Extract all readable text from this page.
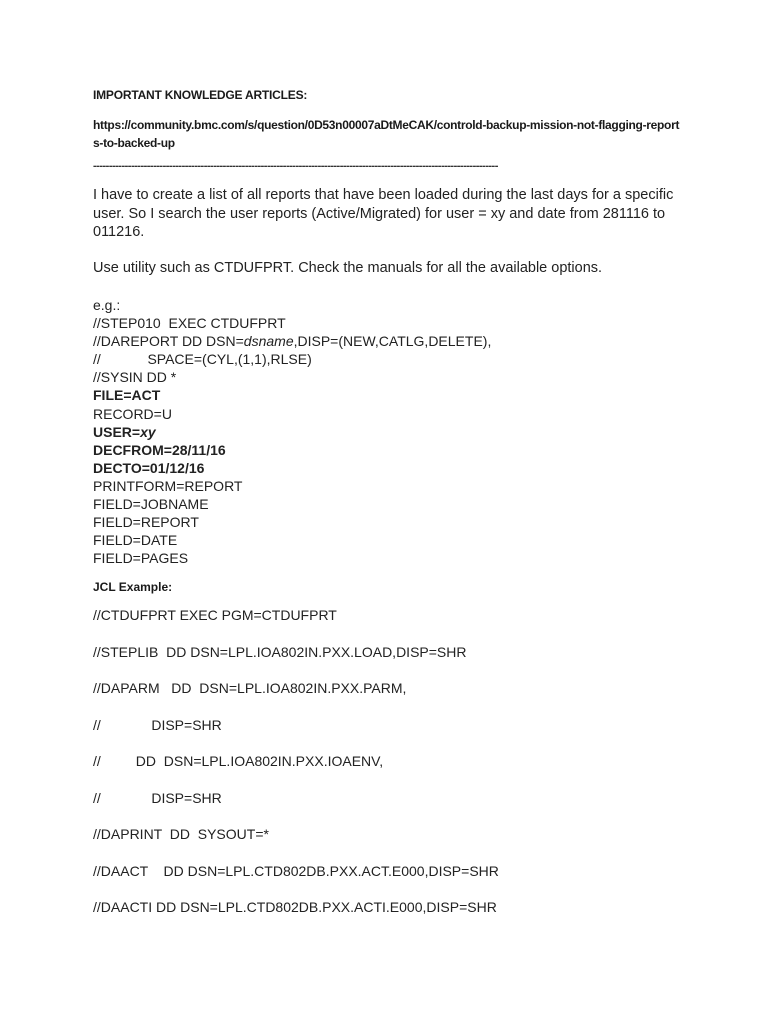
IMPORTANT KNOWLEDGE ARTICLES:
https://community.bmc.com/s/question/0D53n00007aDtMeCAK/controld-backup-mission-not-flagging-reports-to-backed-up
--------------------------------------------------------------------------------------------------------------------------------
I have to create a list of all reports that have been loaded during the last days for a specific user. So I search the user reports (Active/Migrated) for user = xy and date from 281116 to 011216.
Use utility such as CTDUFPRT. Check the manuals for all the available options.
e.g.:
//STEP010  EXEC CTDUFPRT
//DAREPORT DD DSN=dsname,DISP=(NEW,CATLG,DELETE),
//            SPACE=(CYL,(1,1),RLSE)
//SYSIN DD *
FILE=ACT
RECORD=U
USER=xy
DECFROM=28/11/16
DECTO=01/12/16
PRINTFORM=REPORT
FIELD=JOBNAME
FIELD=REPORT
FIELD=DATE
FIELD=PAGES
JCL Example:
//CTDUFPRT EXEC PGM=CTDUFPRT
//STEPLIB  DD DSN=LPL.IOA802IN.PXX.LOAD,DISP=SHR
//DAPARM   DD  DSN=LPL.IOA802IN.PXX.PARM,
//             DISP=SHR
//         DD  DSN=LPL.IOA802IN.PXX.IOAENV,
//             DISP=SHR
//DAPRINT  DD  SYSOUT=*
//DAACT    DD DSN=LPL.CTD802DB.PXX.ACT.E000,DISP=SHR
//DAACTI DD DSN=LPL.CTD802DB.PXX.ACTI.E000,DISP=SHR
